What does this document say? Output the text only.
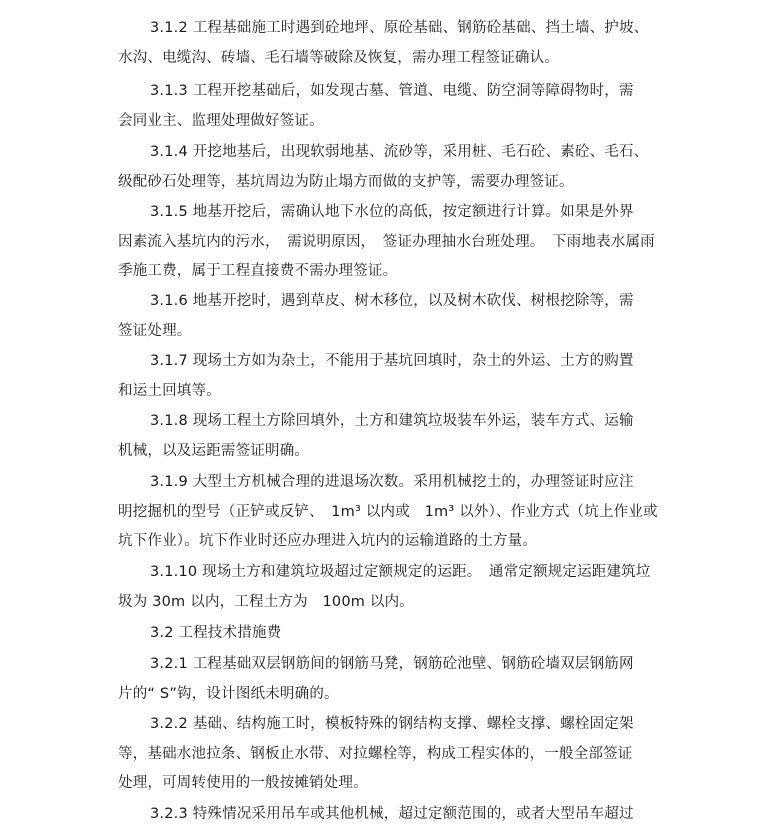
3.1.2 工程基础施工时遇到砼地坪、原砼基础、钢筋砼基础、挡土墙、护坡、
水沟、电缆沟、砖墙、毛石墙等破除及恢复，需办理工程签证确认。
3.1.3 工程开挖基础后，如发现古墓、管道、电缆、防空洞等障碍物时，需
会同业主、监理处理做好签证。
3.1.4 开挖地基后，出现软弱地基、流砂等，采用桩、毛石砼、素砼、毛石、
级配砂石处理等，基坑周边为防止塌方而做的支护等，需要办理签证。
3.1.5 地基开挖后，需确认地下水位的高低，按定额进行计算。如果是外界
因素流入基坑内的污水，　需说明原因，　签证办理抽水台班处理。　下雨地表水属雨
季施工费，属于工程直接费不需办理签证。
3.1.6 地基开挖时，遇到草皮、树木移位，以及树木砍伐、树根挖除等，需
签证处理。
3.1.7 现场土方如为杂土，不能用于基坑回填时，杂土的外运、土方的购置
和运土回填等。
3.1.8 现场工程土方除回填外，土方和建筑垃圾装车外运，装车方式、运输
机械，以及运距需签证明确。
3.1.9 大型土方机械合理的进退场次数。采用机械挖土的，办理签证时应注
明挖掘机的型号（正铲或反铲、　1m³ 以内或　1m³ 以外）、作业方式（坑上作业或
坑下作业）。坑下作业时还应办理进入坑内的运输道路的土方量。
3.1.10 现场土方和建筑垃圾超过定额规定的运距。　通常定额规定运距建筑垃
圾为 30m 以内，工程土方为　100m 以内。
3.2 工程技术措施费
3.2.1 工程基础双层钢筋间的钢筋马凳，钢筋砼池壁、钢筋砼墙双层钢筋网
片的“ S”钩，设计图纸未明确的。
3.2.2 基础、结构施工时，模板特殊的钢结构支撑、螺栓支撑、螺栓固定架
等，基础水池拉条、钢板止水带、对拉螺栓等，构成工程实体的，一般全部签证
处理，可周转使用的一般按摊销处理。
3.2.3 特殊情况采用吊车或其他机械，超过定额范围的，或者大型吊车超过
